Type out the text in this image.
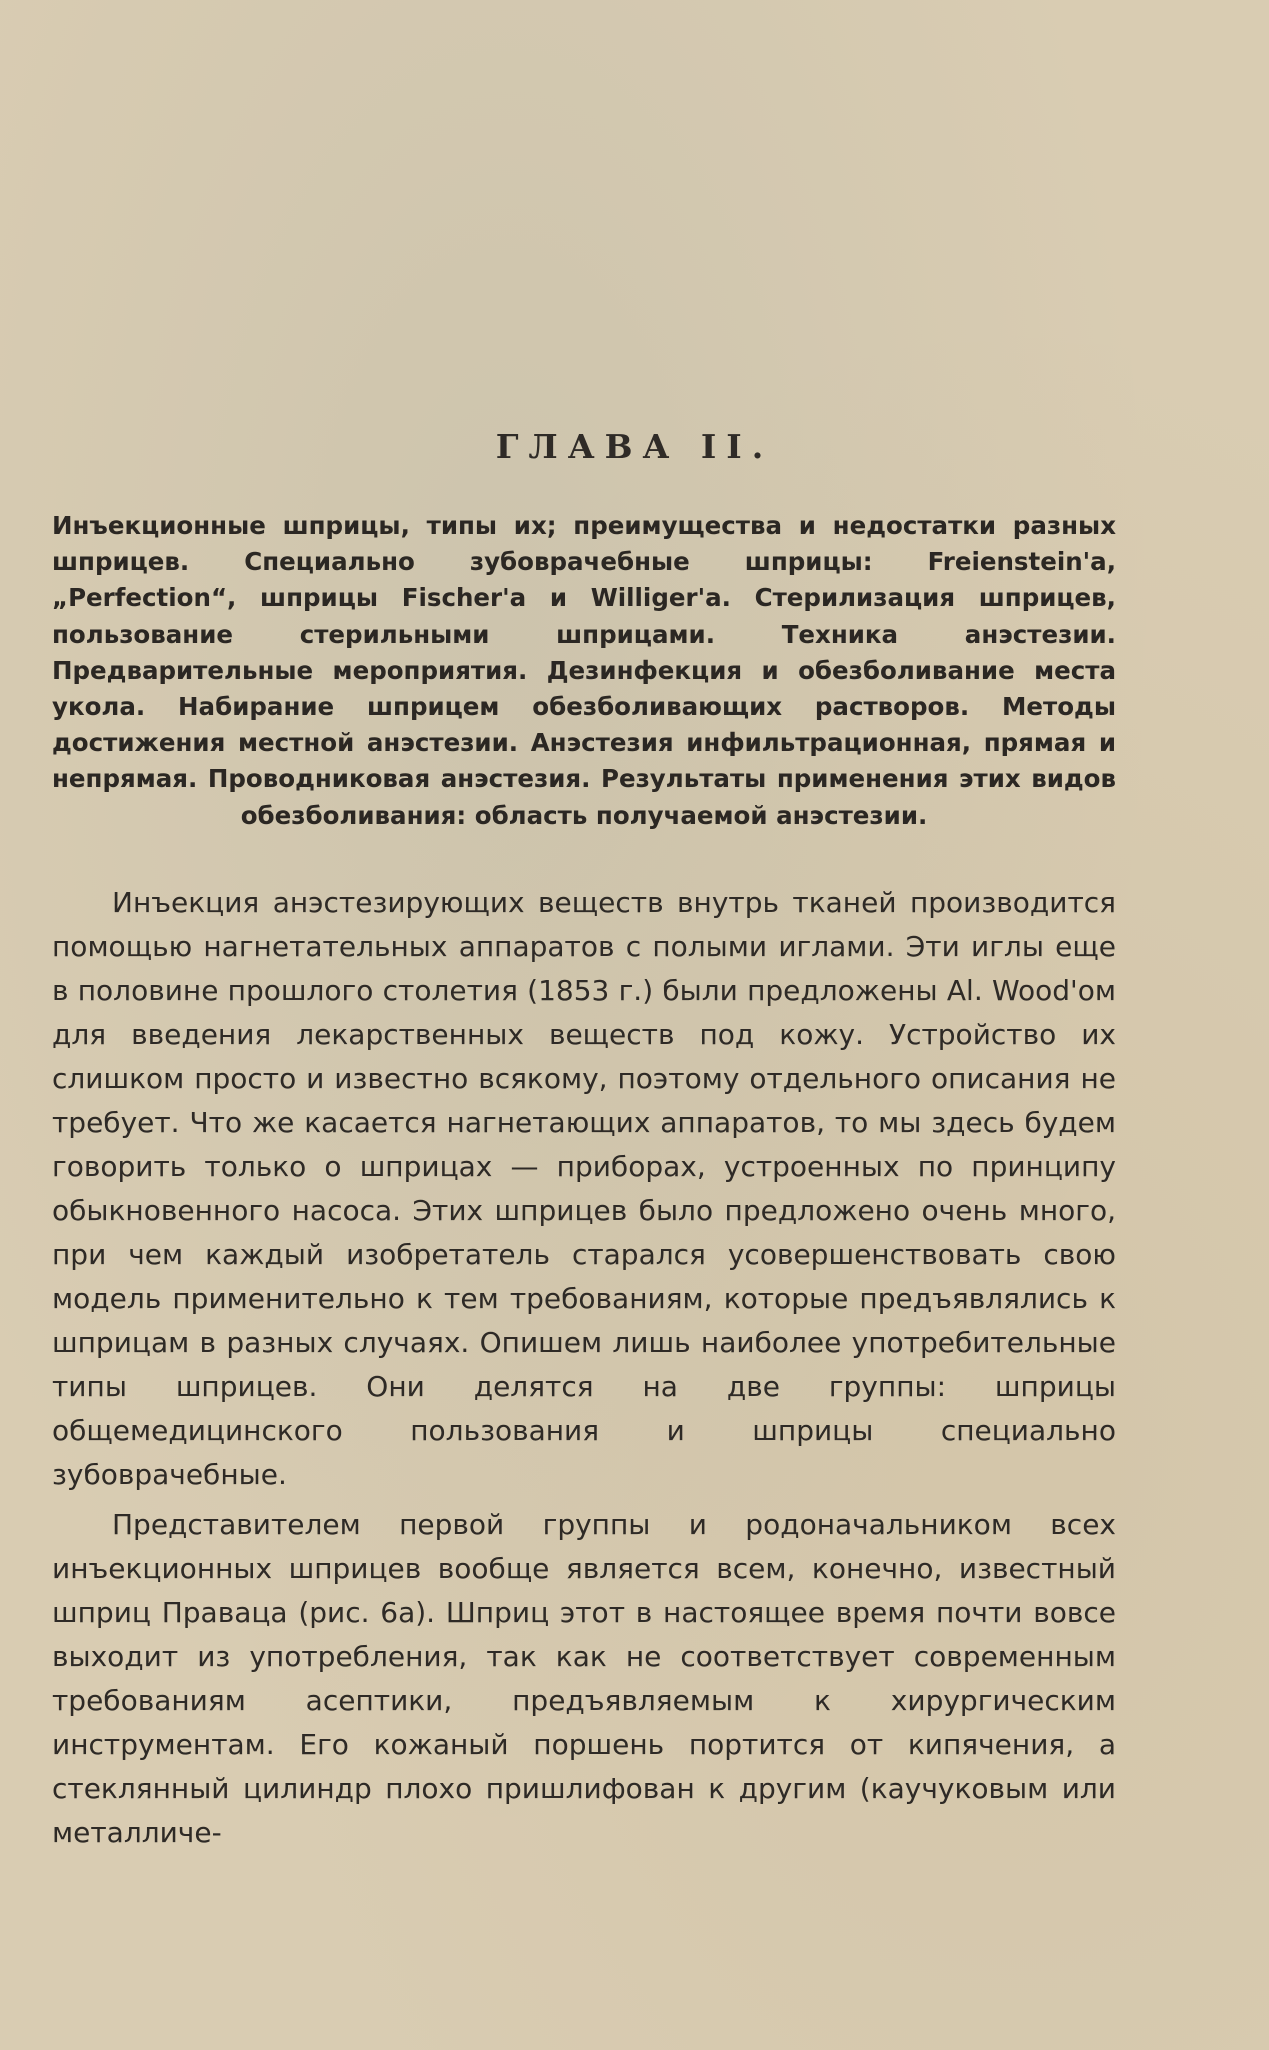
ГЛАВА II.

Инъекционные шприцы, типы их; преимущества и недостатки разных шприцев. Специально зубоврачебные шприцы: Freienstein'a, „Perfection“, шприцы Fischer'a и Williger'a. Стерилизация шприцев, пользование стерильными шприцами. Техника анэстезии. Предварительные мероприятия. Дезинфекция и обезболивание места укола. Набирание шприцем обезболивающих растворов. Методы достижения местной анэстезии. Анэстезия инфильтрационная, прямая и непрямая. Проводниковая анэстезия. Результаты применения этих видов обезболивания: область получаемой анэстезии.

Инъекция анэстезирующих веществ внутрь тканей производится помощью нагнетательных аппаратов с полыми иглами. Эти иглы еще в половине прошлого столетия (1853 г.) были предложены Al. Wood'ом для введения лекарственных веществ под кожу. Устройство их слишком просто и известно всякому, поэтому отдельного описания не требует. Что же касается нагнетающих аппаратов, то мы здесь будем говорить только о шприцах — приборах, устроенных по принципу обыкновенного насоса. Этих шприцев было предложено очень много, при чем каждый изобретатель старался усовершенствовать свою модель применительно к тем требованиям, которые предъявлялись к шприцам в разных случаях. Опишем лишь наиболее употребительные типы шприцев. Они делятся на две группы: шприцы общемедицинского пользования и шприцы специально зубоврачебные.

Представителем первой группы и родоначальником всех инъекционных шприцев вообще является всем, конечно, известный шприц Праваца (рис. 6а). Шприц этот в настоящее время почти вовсе выходит из употребления, так как не соответствует современным требованиям асептики, предъявляемым к хирургическим инструментам. Его кожаный поршень портится от кипячения, а стеклянный цилиндр плохо пришлифован к другим (каучуковым или металличе-
